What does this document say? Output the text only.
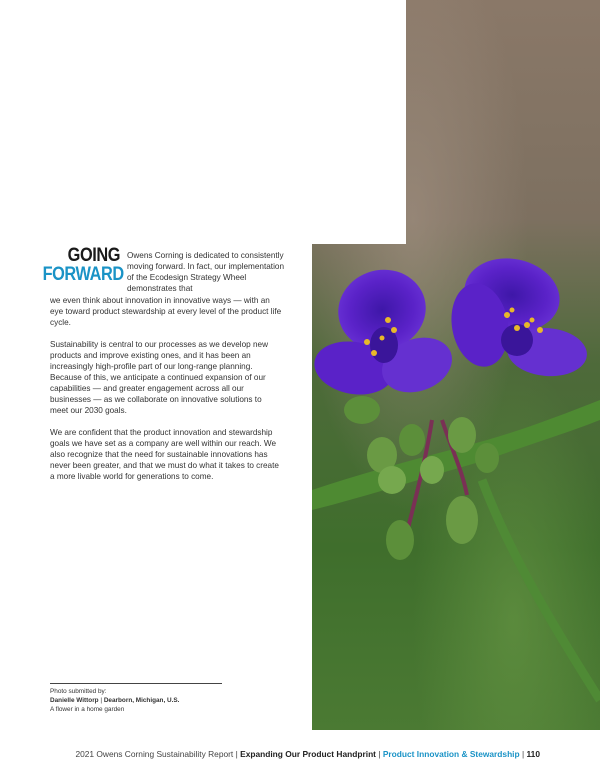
GOING
FORWARD
Owens Corning is dedicated to consistently moving forward. In fact, our implementation of the Ecodesign Strategy Wheel demonstrates that

we even think about innovation in innovative ways — with an eye toward product stewardship at every level of the product life cycle.

Sustainability is central to our processes as we develop new products and improve existing ones, and it has been an increasingly high-profile part of our long-range planning. Because of this, we anticipate a continued expansion of our capabilities — and greater engagement across all our businesses — as we collaborate on innovative solutions to meet our 2030 goals.

We are confident that the product innovation and stewardship goals we have set as a company are well within our reach. We also recognize that the need for sustainable innovations has never been greater, and that we must do what it takes to create a more livable world for generations to come.

Photo submitted by:
Danielle Wittorp | Dearborn, Michigan, U.S.
A flower in a home garden
2021 Owens Corning Sustainability Report | Expanding Our Product Handprint | Product Innovation & Stewardship | 110
